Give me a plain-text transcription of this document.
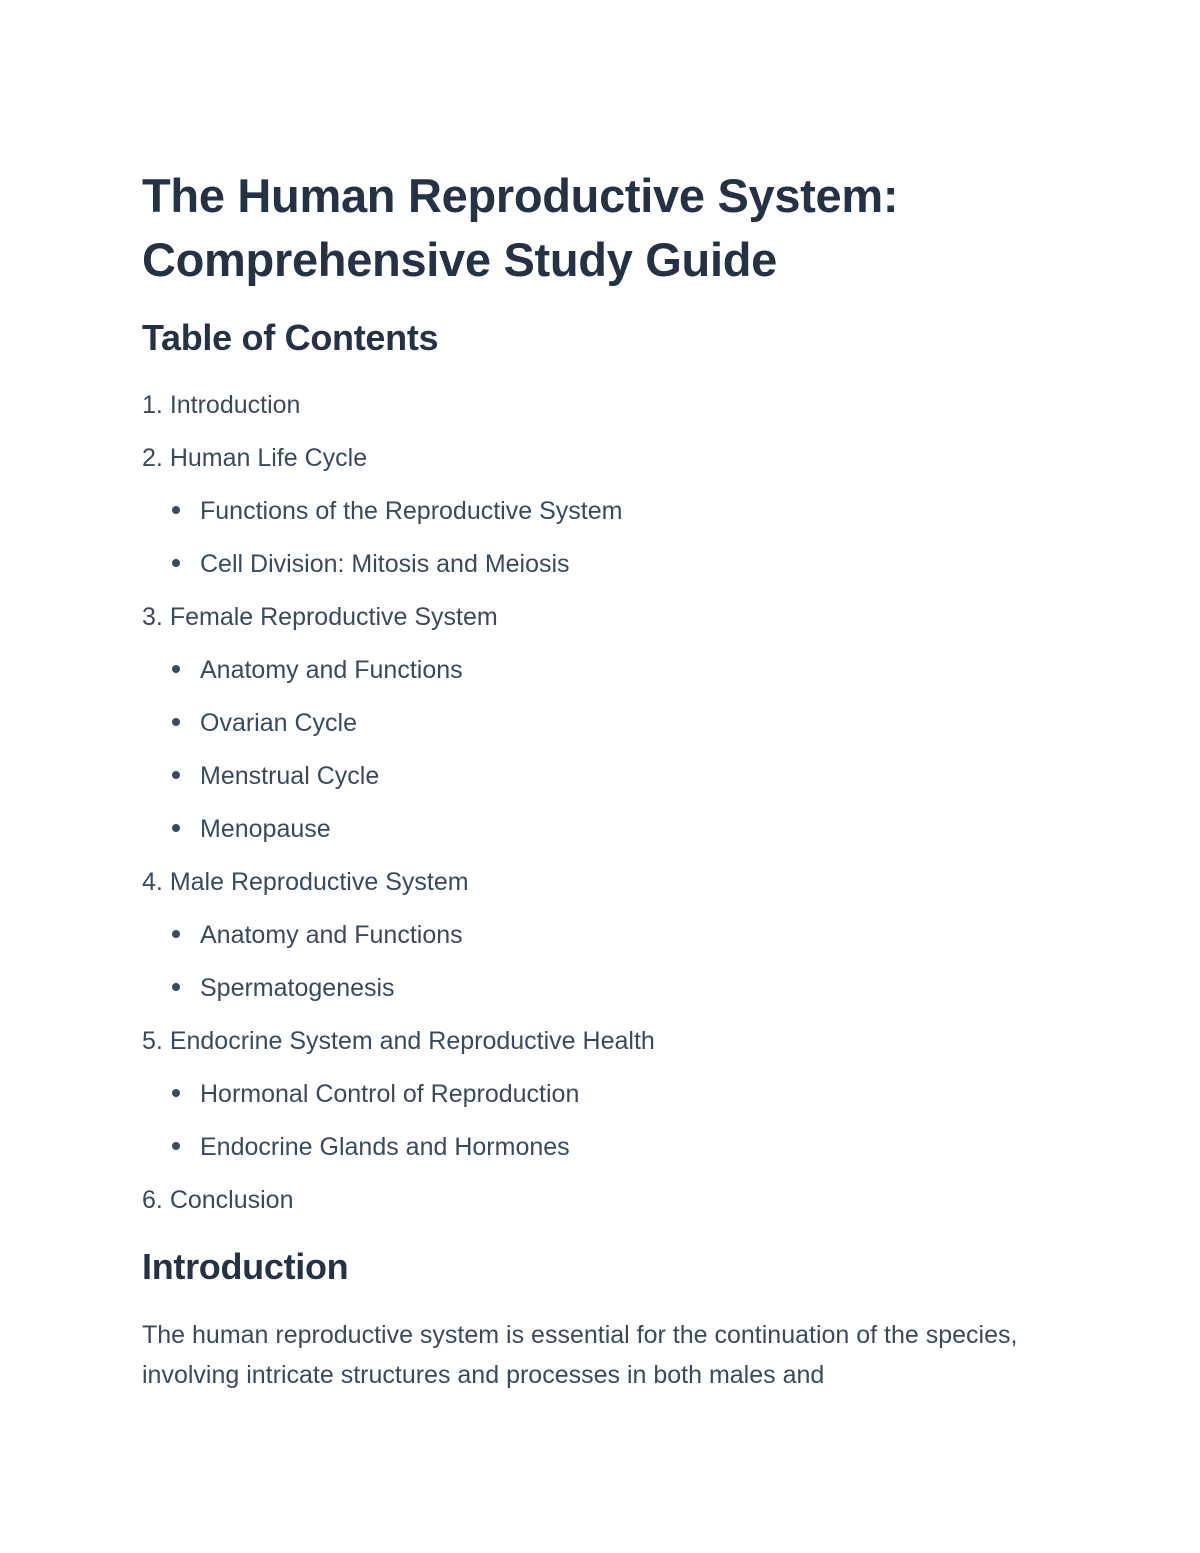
The Human Reproductive System:
Comprehensive Study Guide
Table of Contents
1. Introduction
2. Human Life Cycle
Functions of the Reproductive System
Cell Division: Mitosis and Meiosis
3. Female Reproductive System
Anatomy and Functions
Ovarian Cycle
Menstrual Cycle
Menopause
4. Male Reproductive System
Anatomy and Functions
Spermatogenesis
5. Endocrine System and Reproductive Health
Hormonal Control of Reproduction
Endocrine Glands and Hormones
6. Conclusion
Introduction

The human reproductive system is essential for the continuation of the species, involving intricate structures and processes in both males and
